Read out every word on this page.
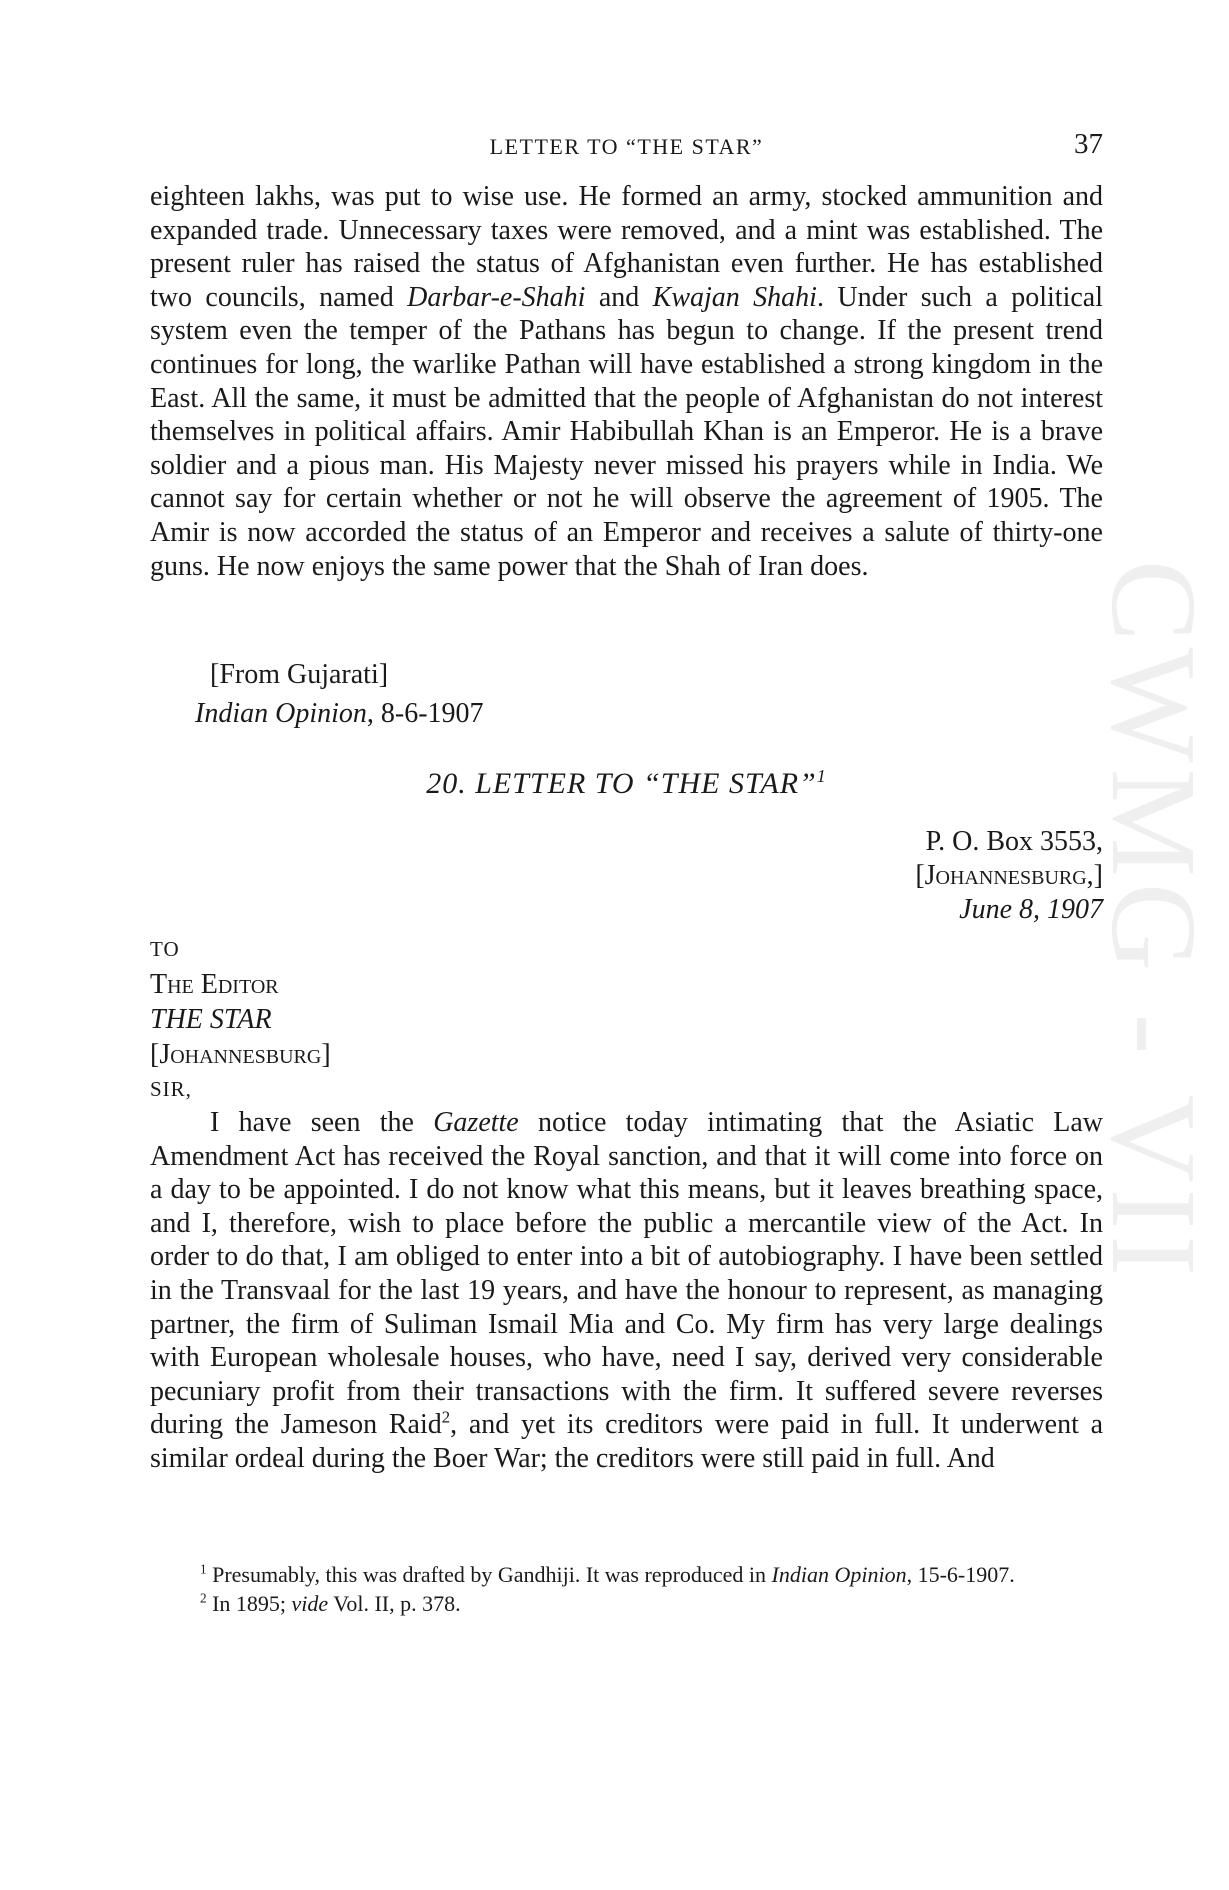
CWMG - VII
LETTER TO “THE STAR”	37

eighteen lakhs, was put to wise use. He formed an army, stocked ammunition and expanded trade. Unnecessary taxes were removed, and a mint was established. The present ruler has raised the status of Afghanistan even further. He has established two councils, named Darbar-e-Shahi and Kwajan Shahi. Under such a political system even the temper of the Pathans has begun to change. If the present trend continues for long, the warlike Pathan will have established a strong kingdom in the East. All the same, it must be admitted that the people of Afghanistan do not interest themselves in political affairs. Amir Habibullah Khan is an Emperor. He is a brave soldier and a pious man. His Majesty never missed his prayers while in India. We cannot say for certain whether or not he will observe the agreement of 1905. The Amir is now accorded the status of an Emperor and receives a salute of thirty-one guns. He now enjoys the same power that the Shah of Iran does.

[From Gujarati]
Indian Opinion, 8-6-1907
20. LETTER TO “THE STAR”$^1$
P. O. Box 3553,
[Johannesburg,]
June 8, 1907
TO
The Editor
THE STAR
[Johannesburg]
SIR,

I have seen the Gazette notice today intimating that the Asiatic Law Amendment Act has received the Royal sanction, and that it will come into force on a day to be appointed. I do not know what this means, but it leaves breathing space, and I, therefore, wish to place before the public a mercantile view of the Act. In order to do that, I am obliged to enter into a bit of autobiography. I have been settled in the Transvaal for the last 19 years, and have the honour to represent, as managing partner, the firm of Suliman Ismail Mia and Co. My firm has very large dealings with European wholesale houses, who have, need I say, derived very considerable pecuniary profit from their transactions with the firm. It suffered severe reverses during the Jameson Raid$^2$, and yet its creditors were paid in full. It underwent a similar ordeal during the Boer War; the creditors were still paid in full. And

$^1$ Presumably, this was drafted by Gandhiji. It was reproduced in Indian Opinion, 15-6-1907.

$^2$ In 1895; vide Vol. II, p. 378.
